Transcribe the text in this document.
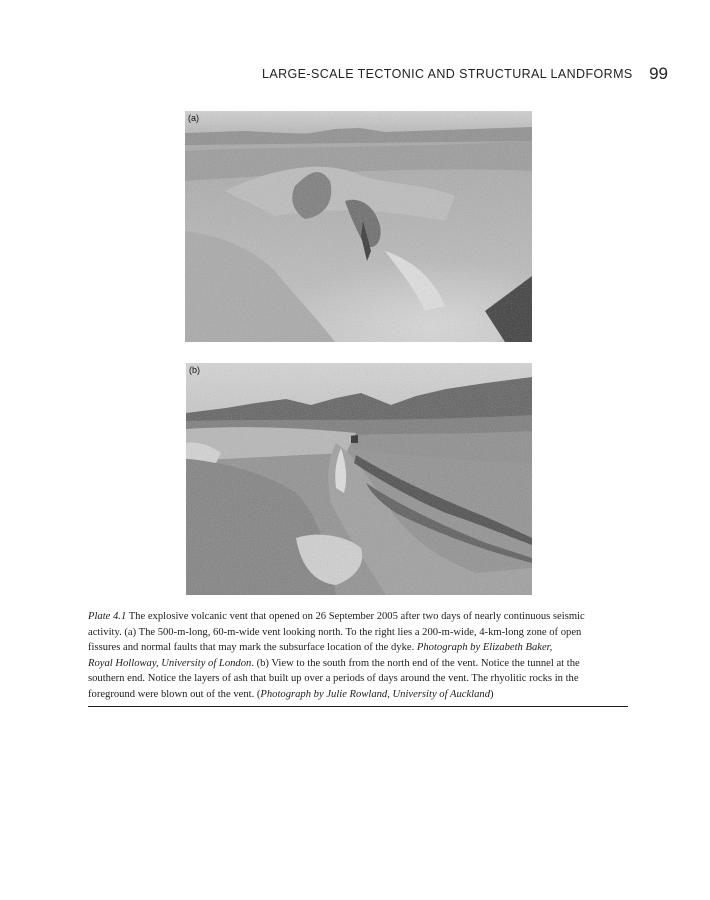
LARGE-SCALE TECTONIC AND STRUCTURAL LANDFORMS 99
(a)
(b)
Plate 4.1 The explosive volcanic vent that opened on 26 September 2005 after two days of nearly continuous seismic
activity. (a) The 500-m-long, 60-m-wide vent looking north. To the right lies a 200-m-wide, 4-km-long zone of open
fissures and normal faults that may mark the subsurface location of the dyke. Photograph by Elizabeth Baker,
Royal Holloway, University of London. (b) View to the south from the north end of the vent. Notice the tunnel at the
southern end. Notice the layers of ash that built up over a periods of days around the vent. The rhyolitic rocks in the
foreground were blown out of the vent. (Photograph by Julie Rowland, University of Auckland)
